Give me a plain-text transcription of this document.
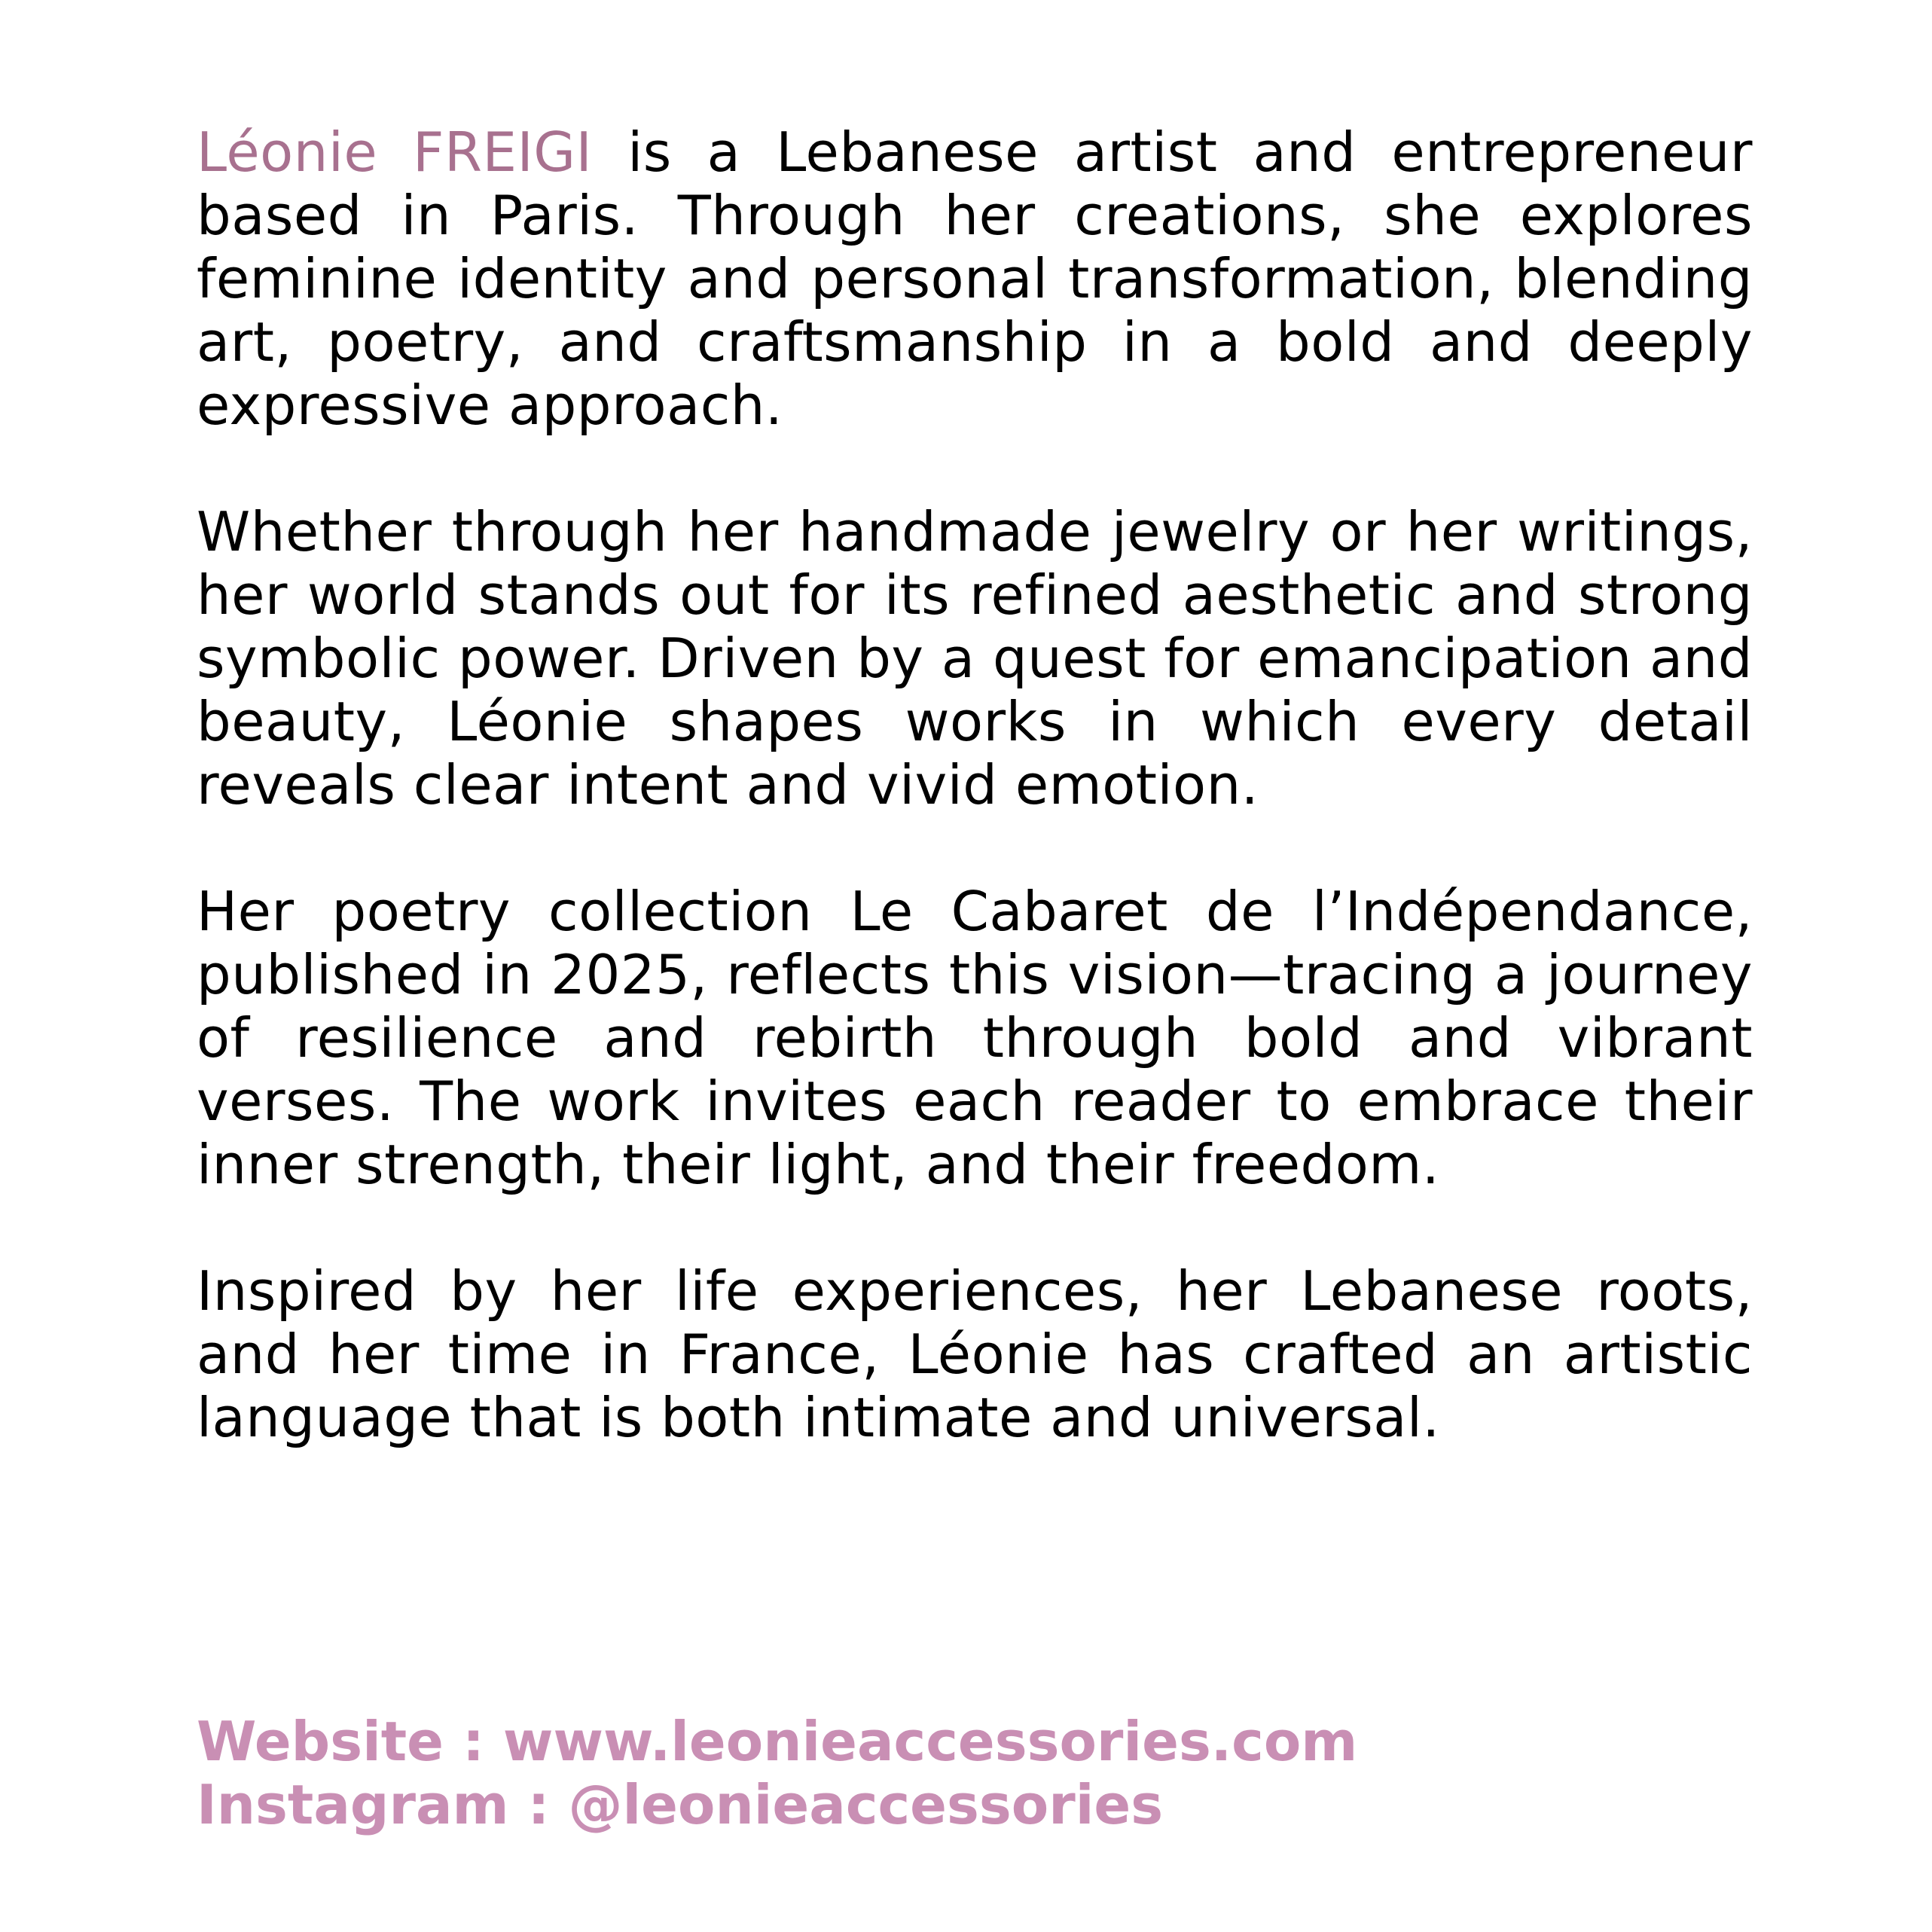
Léonie FREIGI is a Lebanese artist and entrepreneur based in Paris. Through her creations, she explores feminine identity and personal transformation, blending art, poetry, and craftsmanship in a bold and deeply expressive approach.

Whether through her handmade jewelry or her writings, her world stands out for its refined aesthetic and strong symbolic power. Driven by a quest for emancipation and beauty, Léonie shapes works in which every detail reveals clear intent and vivid emotion.

Her poetry collection Le Cabaret de l’Indépendance, published in 2025, reflects this vision—tracing a journey of resilience and rebirth through bold and vibrant verses. The work invites each reader to embrace their inner strength, their light, and their freedom.

Inspired by her life experiences, her Lebanese roots, and her time in France, Léonie has crafted an artistic language that is both intimate and universal.

Website : www.leonieaccessories.com
Instagram : @leonieaccessories
